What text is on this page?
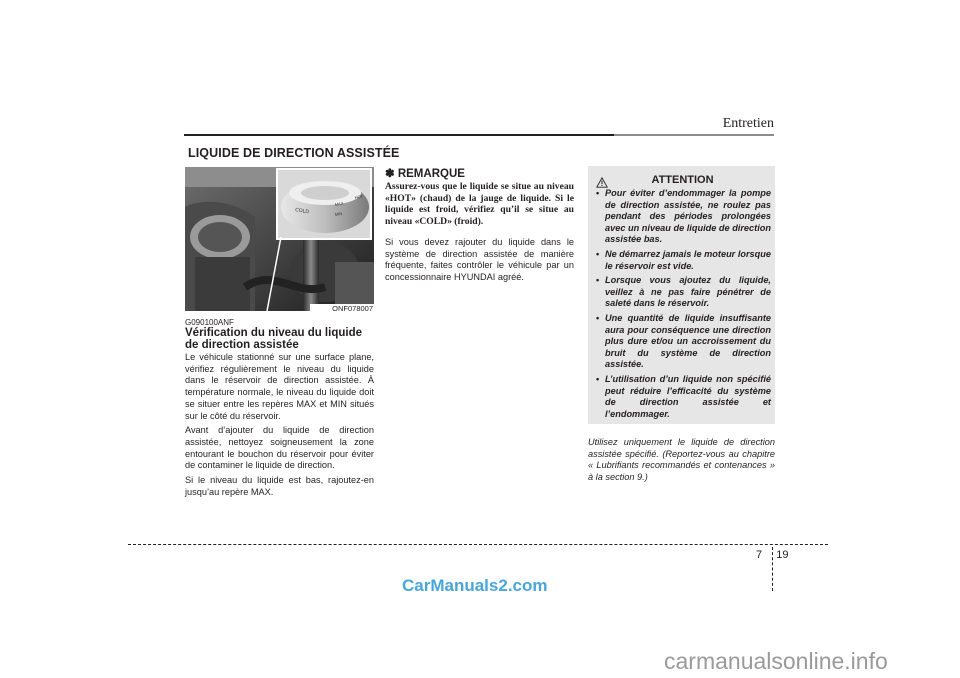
Entretien
LIQUIDE DE DIRECTION ASSISTÉE
COLD
MAX
MIN
HOT
ONF078007
G090100ANF
Vérification du niveau du liquide de direction assistée

Le véhicule stationné sur une surface plane, vérifiez régulièrement le niveau du liquide dans le réservoir de direction assistée. À température normale, le niveau du liquide doit se situer entre les repères MAX et MIN situés sur le côté du réservoir.

Avant d’ajouter du liquide de direction assistée, nettoyez soigneusement la zone entourant le bouchon du réservoir pour éviter de contaminer le liquide de direction.

Si le niveau du liquide est bas, rajoutez-en jusqu’au repère MAX.

✽ REMARQUE
Assurez-vous que le liquide se situe au niveau «HOT» (chaud) de la jauge de liquide. Si le liquide est froid, vérifiez qu’il se situe au niveau «COLD» (froid).
Si vous devez rajouter du liquide dans le système de direction assistée de manière fréquente, faites contrôler le véhicule par un concessionnaire HYUNDAI agréé.
ATTENTION
• Pour éviter d’endommager la pompe de direction assistée, ne roulez pas pendant des périodes prolongées avec un niveau de liquide de direction assistée bas.
• Ne démarrez jamais le moteur lorsque le réservoir est vide.
• Lorsque vous ajoutez du liquide, veillez à ne pas faire pénétrer de saleté dans le réservoir.
• Une quantité de liquide insuffisante aura pour conséquence une direction plus dure et/ou un accroissement du bruit du système de direction assistée.
• L’utilisation d’un liquide non spécifié peut réduire l’efficacité du système de direction assistée et l’endommager.
Utilisez uniquement le liquide de direction assistée spécifié. (Reportez-vous au chapitre « Lubrifiants recommandés et contenances » à la section 9.)
7 19
CarManuals2.com
carmanualsonline.info
